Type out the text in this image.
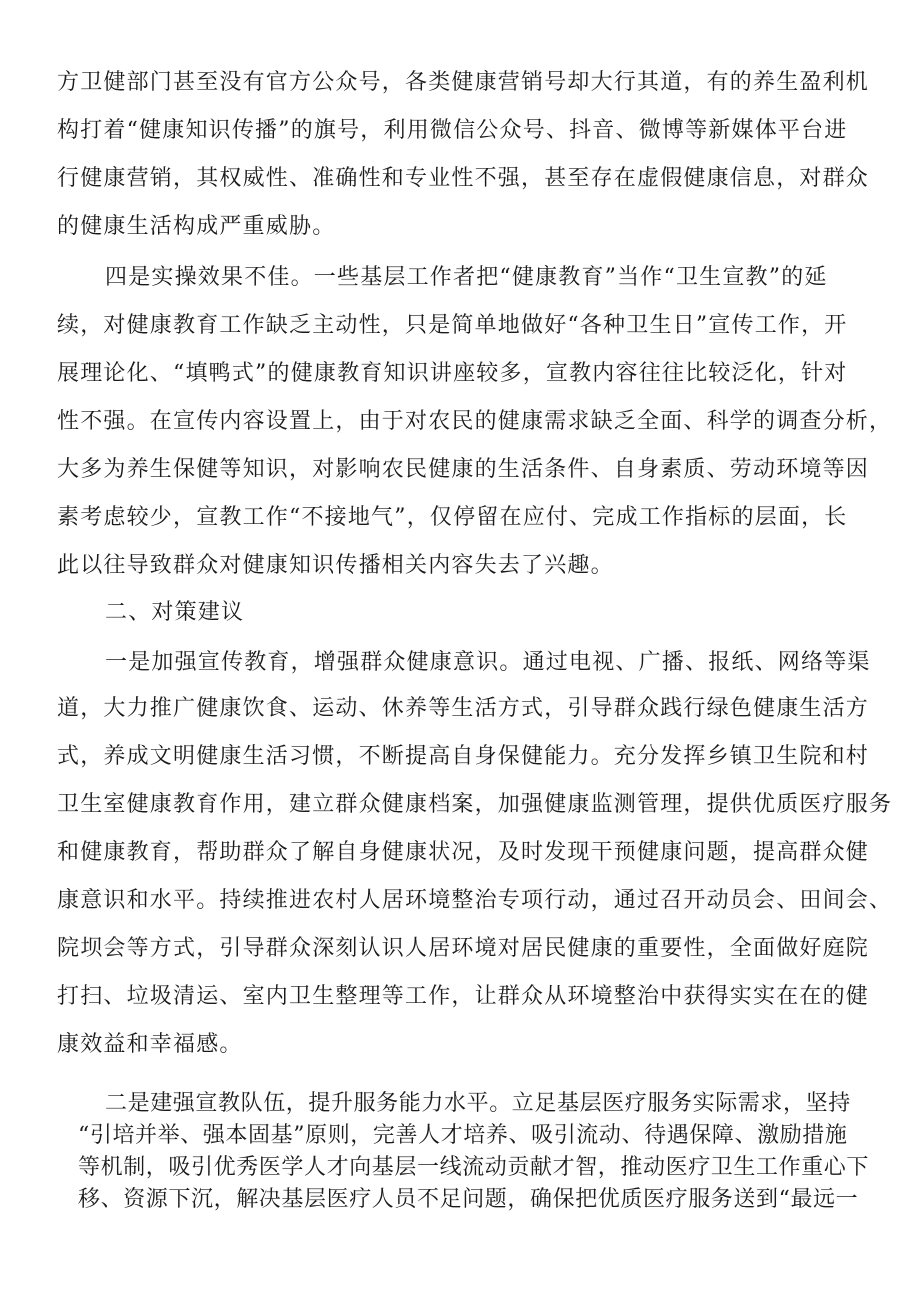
方卫健部门甚至没有官方公众号，各类健康营销号却大行其道，有的养生盈利机
构打着“健康知识传播”的旗号，利用微信公众号、抖音、微博等新媒体平台进
行健康营销，其权威性、准确性和专业性不强，甚至存在虚假健康信息，对群众
的健康生活构成严重威胁。
四是实操效果不佳。一些基层工作者把“健康教育”当作“卫生宣教”的延
续，对健康教育工作缺乏主动性，只是简单地做好“各种卫生日”宣传工作，开
展理论化、“填鸭式”的健康教育知识讲座较多，宣教内容往往比较泛化，针对
性不强。在宣传内容设置上，由于对农民的健康需求缺乏全面、科学的调查分析，
大多为养生保健等知识，对影响农民健康的生活条件、自身素质、劳动环境等因
素考虑较少，宣教工作“不接地气”，仅停留在应付、完成工作指标的层面，长
此以往导致群众对健康知识传播相关内容失去了兴趣。
二、对策建议
一是加强宣传教育，增强群众健康意识。通过电视、广播、报纸、网络等渠
道，大力推广健康饮食、运动、休养等生活方式，引导群众践行绿色健康生活方
式，养成文明健康生活习惯，不断提高自身保健能力。充分发挥乡镇卫生院和村
卫生室健康教育作用，建立群众健康档案，加强健康监测管理，提供优质医疗服务
和健康教育，帮助群众了解自身健康状况，及时发现干预健康问题，提高群众健
康意识和水平。持续推进农村人居环境整治专项行动，通过召开动员会、田间会、
院坝会等方式，引导群众深刻认识人居环境对居民健康的重要性，全面做好庭院
打扫、垃圾清运、室内卫生整理等工作，让群众从环境整治中获得实实在在的健
康效益和幸福感。
二是建强宣教队伍，提升服务能力水平。立足基层医疗服务实际需求，坚持
“引培并举、强本固基”原则，完善人才培养、吸引流动、待遇保障、激励措施
等机制，吸引优秀医学人才向基层一线流动贡献才智，推动医疗卫生工作重心下
移、资源下沉，解决基层医疗人员不足问题，确保把优质医疗服务送到“最远一
